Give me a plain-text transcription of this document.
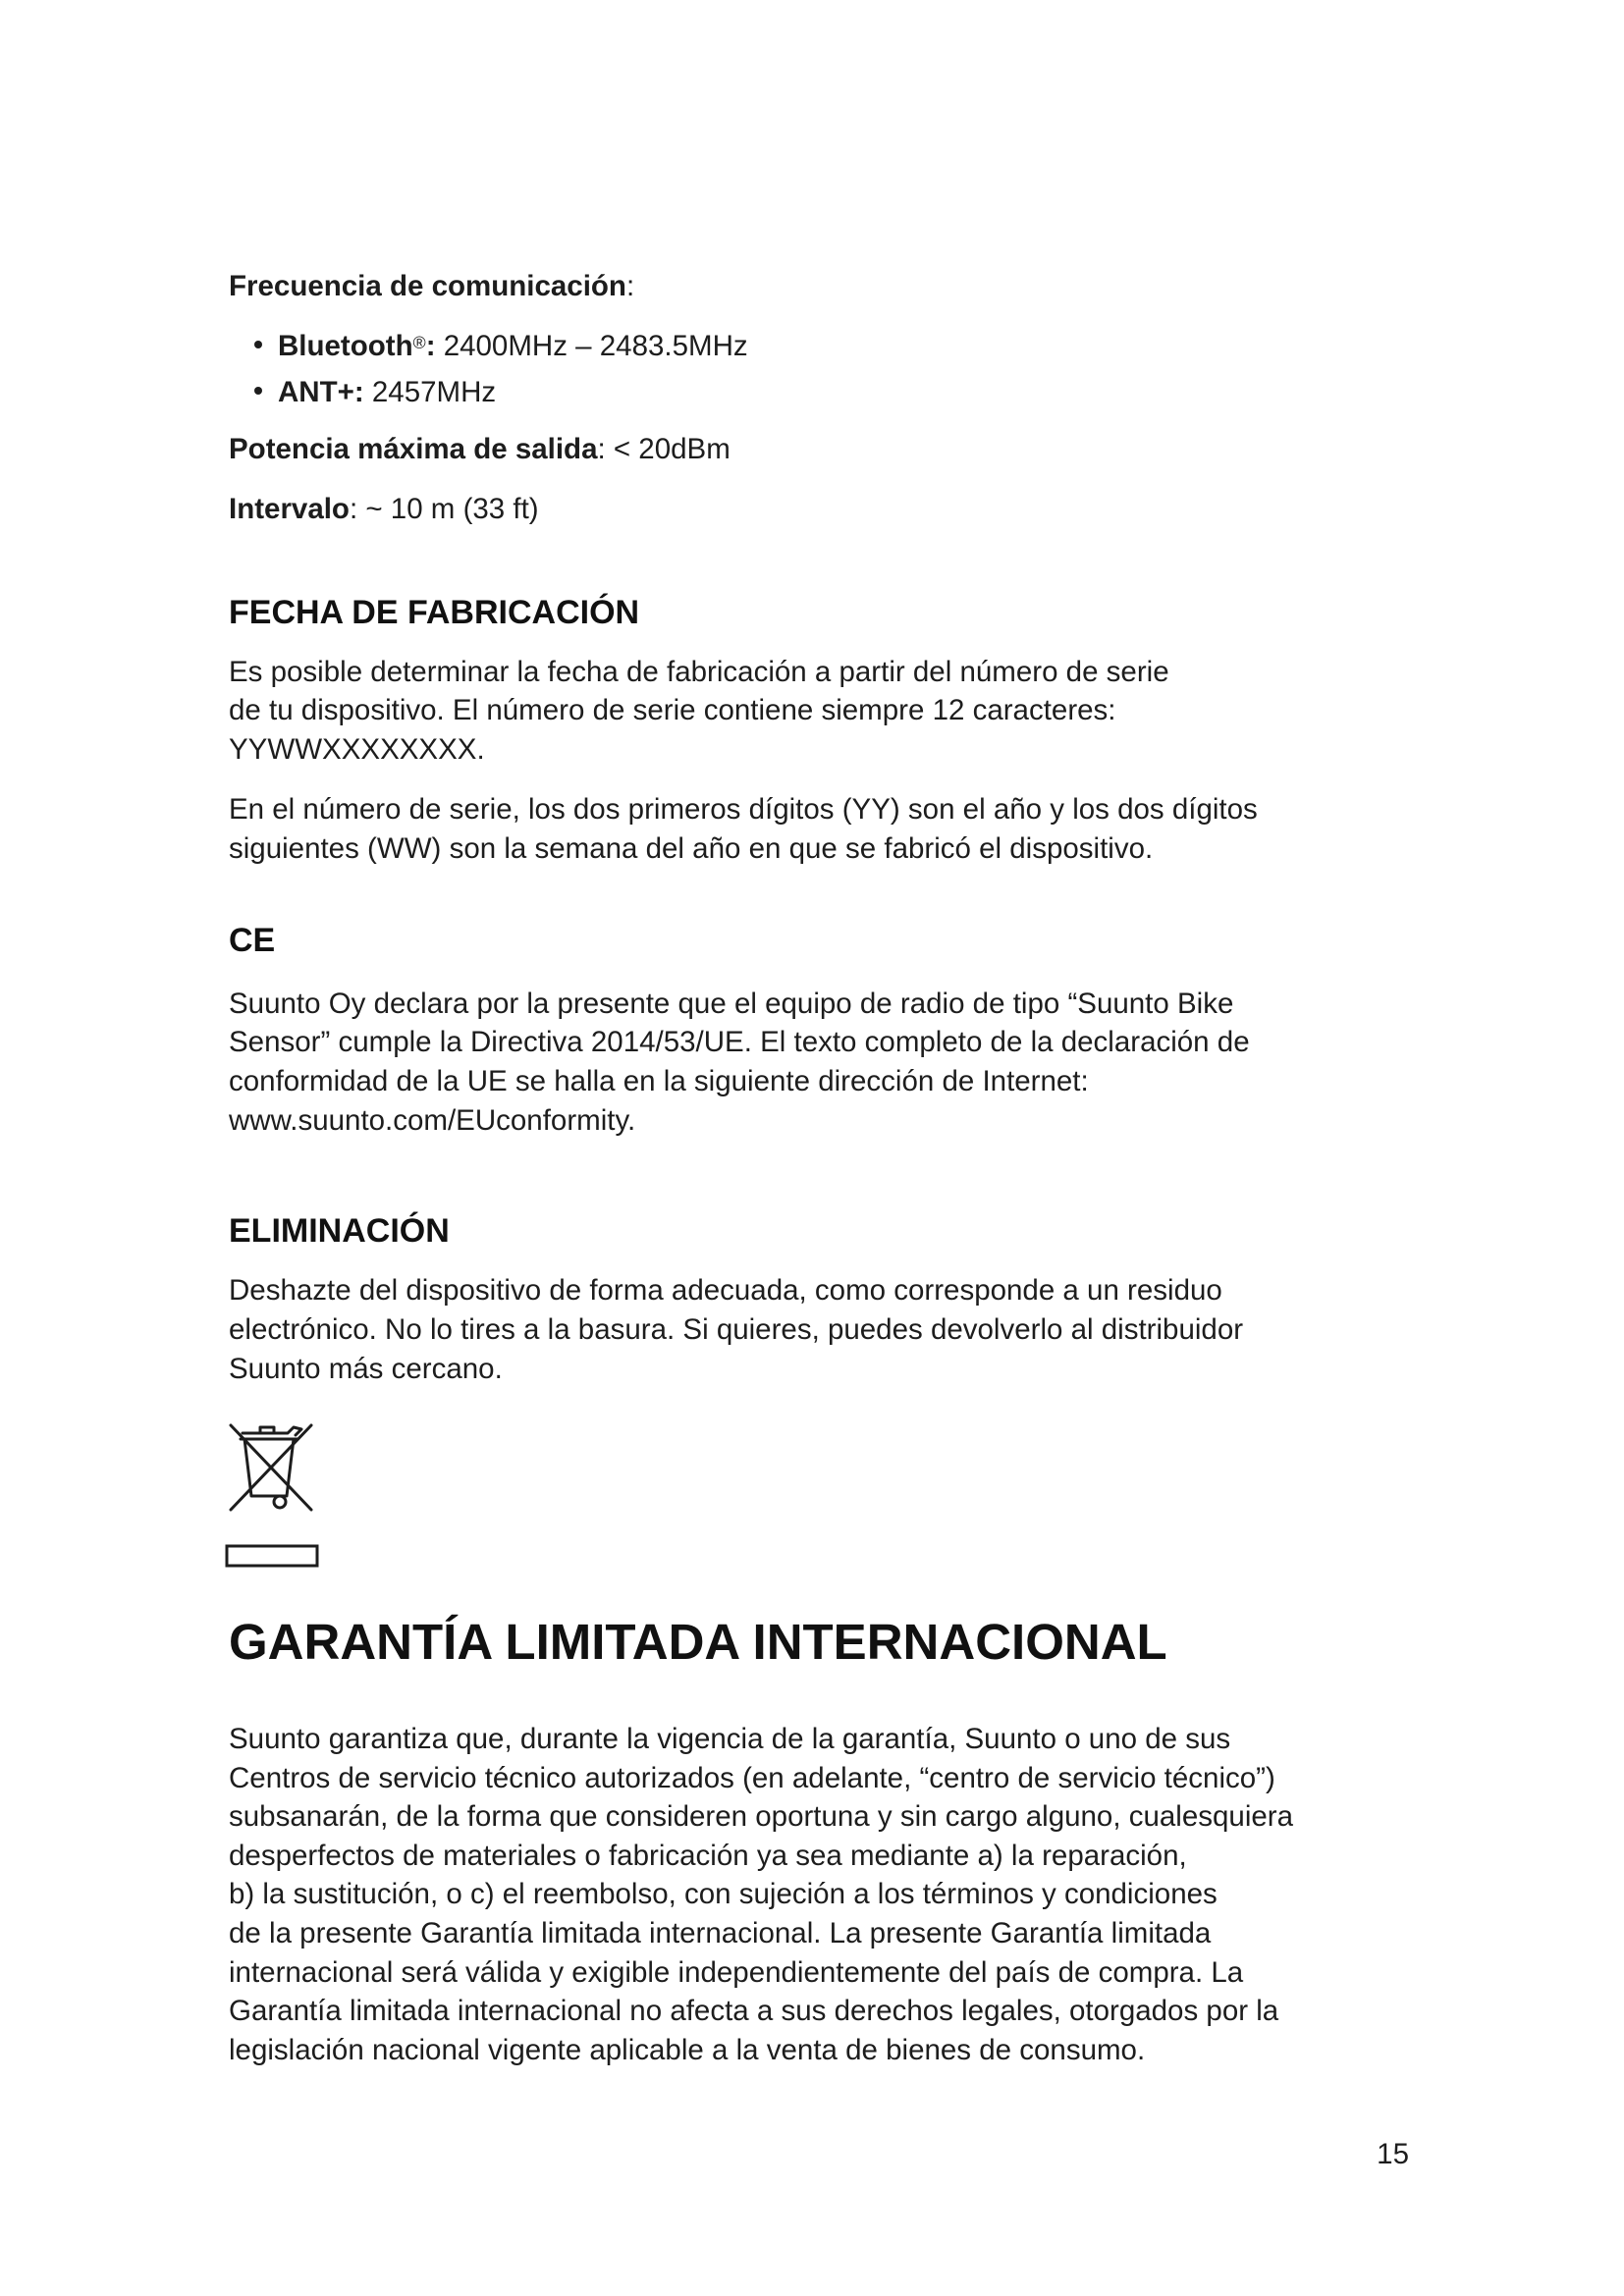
Frecuencia de comunicación:

Bluetooth®: 2400MHz – 2483.5MHz
ANT+: 2457MHz

Potencia máxima de salida: < 20dBm

Intervalo: ~ 10 m (33 ft)

FECHA DE FABRICACIÓN

Es posible determinar la fecha de fabricación a partir del número de serie

de tu dispositivo. El número de serie contiene siempre 12 caracteres:

YYWWXXXXXXXX.

En el número de serie, los dos primeros dígitos (YY) son el año y los dos dígitos

siguientes (WW) son la semana del año en que se fabricó el dispositivo.

CE

Suunto Oy declara por la presente que el equipo de radio de tipo “Suunto Bike

Sensor” cumple la Directiva 2014/53/UE. El texto completo de la declaración de

conformidad de la UE se halla en la siguiente dirección de Internet:

www.suunto.com/EUconformity.

ELIMINACIÓN

Deshazte del dispositivo de forma adecuada, como corresponde a un residuo

electrónico. No lo tires a la basura. Si quieres, puedes devolverlo al distribuidor

Suunto más cercano.

GARANTÍA LIMITADA INTERNACIONAL

Suunto garantiza que, durante la vigencia de la garantía, Suunto o uno de sus

Centros de servicio técnico autorizados (en adelante, “centro de servicio técnico”)

subsanarán, de la forma que consideren oportuna y sin cargo alguno, cualesquiera

desperfectos de materiales o fabricación ya sea mediante a) la reparación,

b) la sustitución, o c) el reembolso, con sujeción a los términos y condiciones

de la presente Garantía limitada internacional. La presente Garantía limitada

internacional será válida y exigible independientemente del país de compra. La

Garantía limitada internacional no afecta a sus derechos legales, otorgados por la

legislación nacional vigente aplicable a la venta de bienes de consumo.

15
